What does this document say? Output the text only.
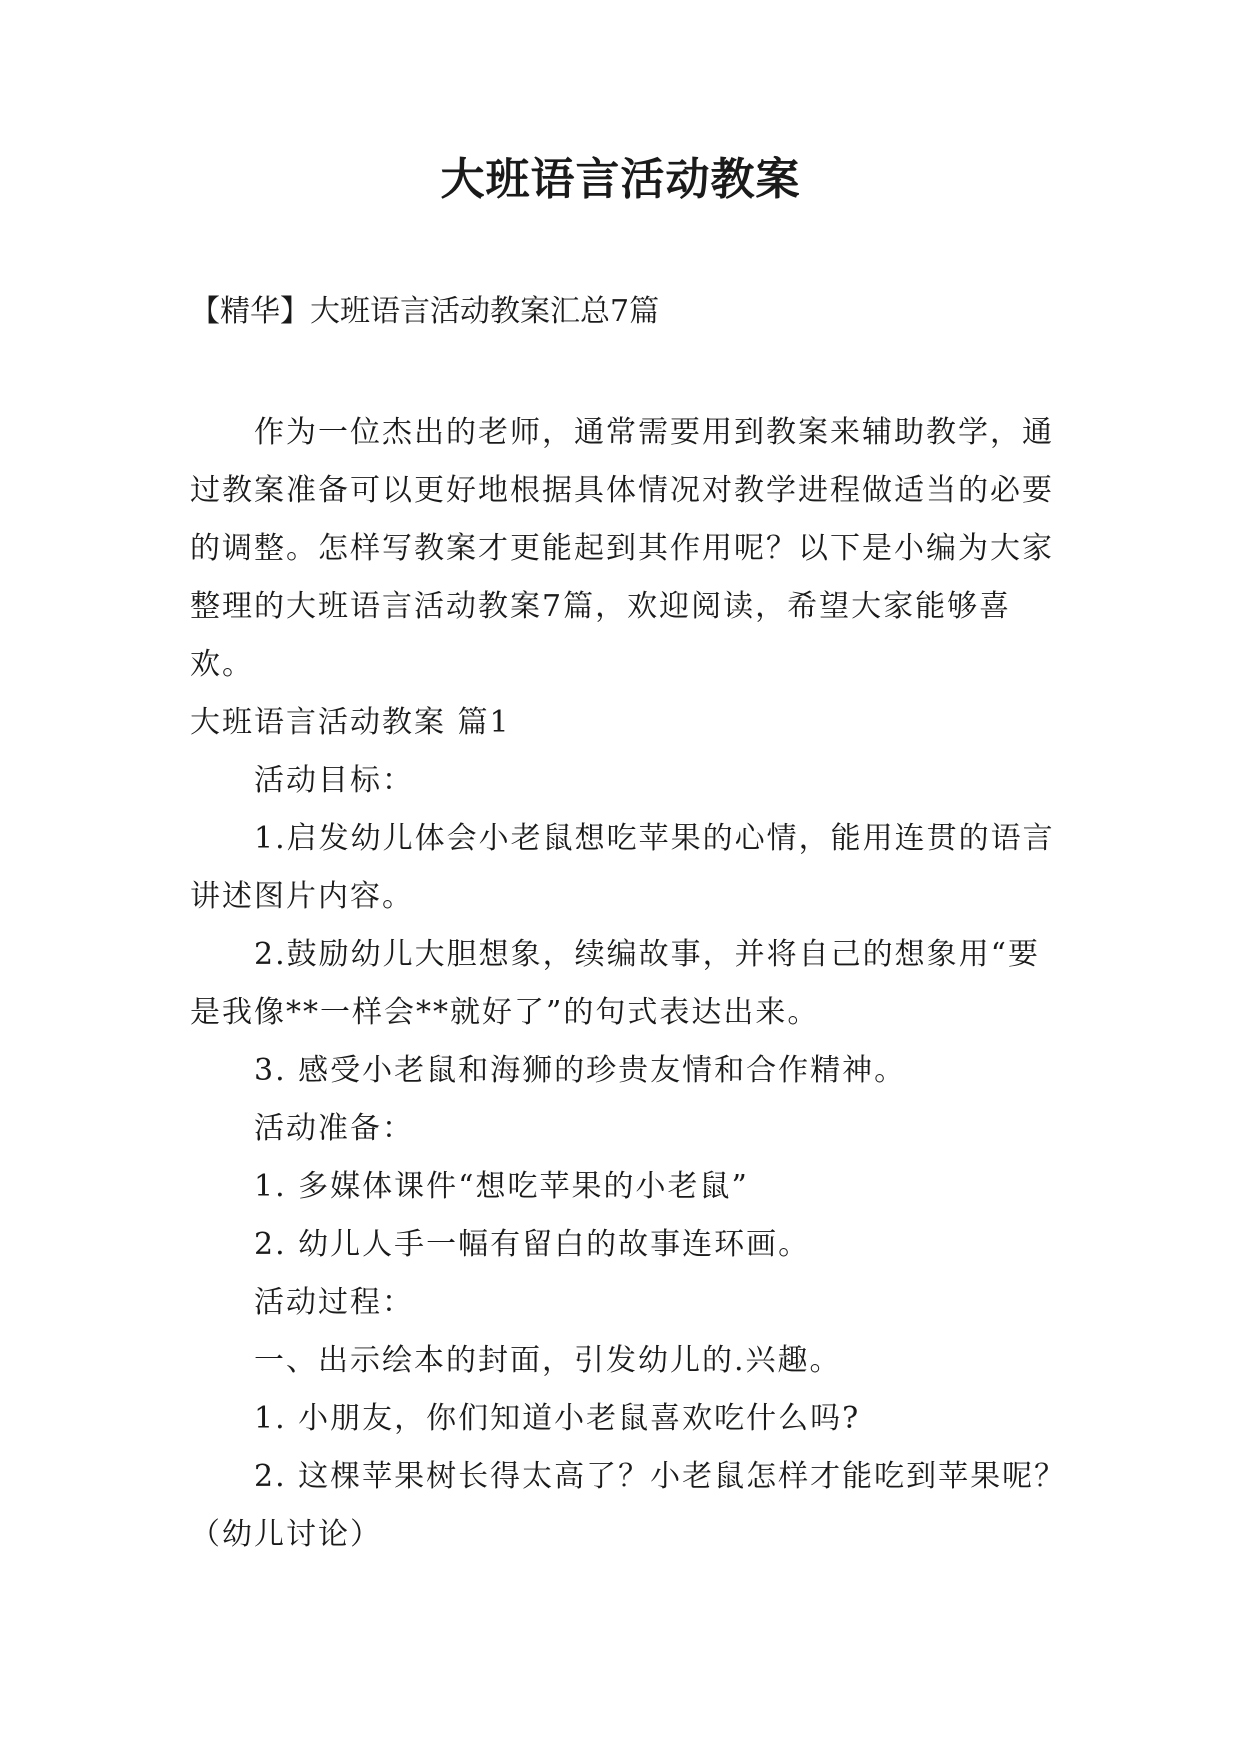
大班语言活动教案
【精华】大班语言活动教案汇总7篇

作为一位杰出的老师，通常需要用到教案来辅助教学，通过教案准备可以更好地根据具体情况对教学进程做适当的必要的调整。怎样写教案才更能起到其作用呢？以下是小编为大家整理的大班语言活动教案7篇，欢迎阅读，希望大家能够喜欢。

大班语言活动教案 篇1

活动目标：

1.启发幼儿体会小老鼠想吃苹果的心情，能用连贯的语言讲述图片内容。

2.鼓励幼儿大胆想象，续编故事，并将自己的想象用“要是我像**一样会**就好了”的句式表达出来。

3. 感受小老鼠和海狮的珍贵友情和合作精神。

活动准备：

1. 多媒体课件“想吃苹果的小老鼠”

2. 幼儿人手一幅有留白的故事连环画。

活动过程：

一、出示绘本的封面，引发幼儿的.兴趣。

1. 小朋友，你们知道小老鼠喜欢吃什么吗?

2. 这棵苹果树长得太高了？小老鼠怎样才能吃到苹果呢？（幼儿讨论）
